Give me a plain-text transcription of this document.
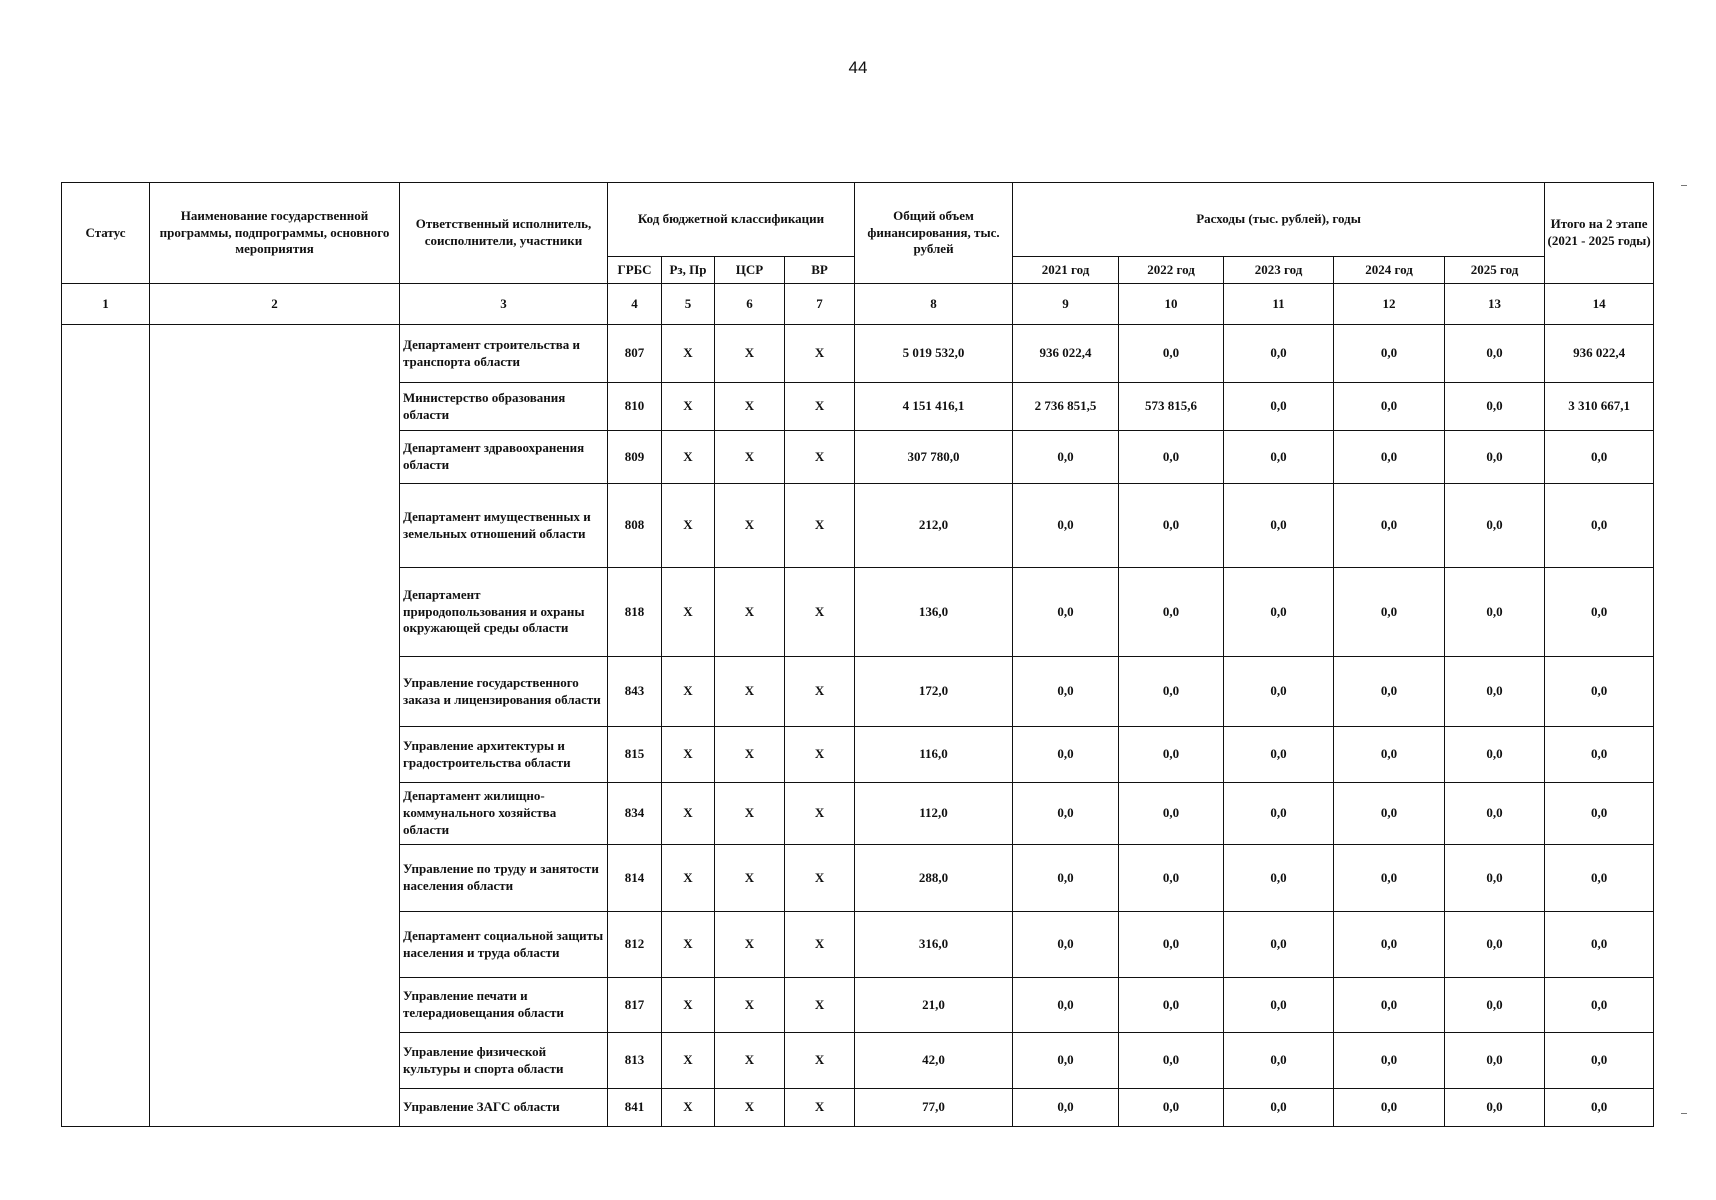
44
Статус	Наименование государственной программы, подпрограммы, основного мероприятия	Ответственный исполнитель, соисполнители, участники	Код бюджетной классификации				Общий объем финансирования, тыс. рублей	Расходы (тыс. рублей), годы					Итого на 2 этапе (2021 - 2025 годы)
			ГРБС	Рз, Пр	ЦСР	ВР		2021 год	2022 год	2023 год	2024 год	2025 год	
1	2	3	4	5	6	7	8	9	10	11	12	13	14
		Департамент строительства и транспорта области	807	Х	Х	Х	5 019 532,0	936 022,4	0,0	0,0	0,0	0,0	936 022,4
		Министерство образования области	810	Х	Х	Х	4 151 416,1	2 736 851,5	573 815,6	0,0	0,0	0,0	3 310 667,1
		Департамент здравоохранения области	809	Х	Х	Х	307 780,0	0,0	0,0	0,0	0,0	0,0	0,0
		Департамент имущественных и земельных отношений области	808	Х	Х	Х	212,0	0,0	0,0	0,0	0,0	0,0	0,0
		Департамент природопользования и охраны окружающей среды области	818	Х	Х	Х	136,0	0,0	0,0	0,0	0,0	0,0	0,0
		Управление государственного заказа и лицензирования области	843	Х	Х	Х	172,0	0,0	0,0	0,0	0,0	0,0	0,0
		Управление архитектуры и градостроительства области	815	Х	Х	Х	116,0	0,0	0,0	0,0	0,0	0,0	0,0
		Департамент жилищно-коммунального хозяйства области	834	Х	Х	Х	112,0	0,0	0,0	0,0	0,0	0,0	0,0
		Управление по труду и занятости населения области	814	Х	Х	Х	288,0	0,0	0,0	0,0	0,0	0,0	0,0
		Департамент социальной защиты населения и труда области	812	Х	Х	Х	316,0	0,0	0,0	0,0	0,0	0,0	0,0
		Управление печати и телерадиовещания области	817	Х	Х	Х	21,0	0,0	0,0	0,0	0,0	0,0	0,0
		Управление физической культуры и спорта области	813	Х	Х	Х	42,0	0,0	0,0	0,0	0,0	0,0	0,0
		Управление ЗАГС области	841	Х	Х	Х	77,0	0,0	0,0	0,0	0,0	0,0	0,0
